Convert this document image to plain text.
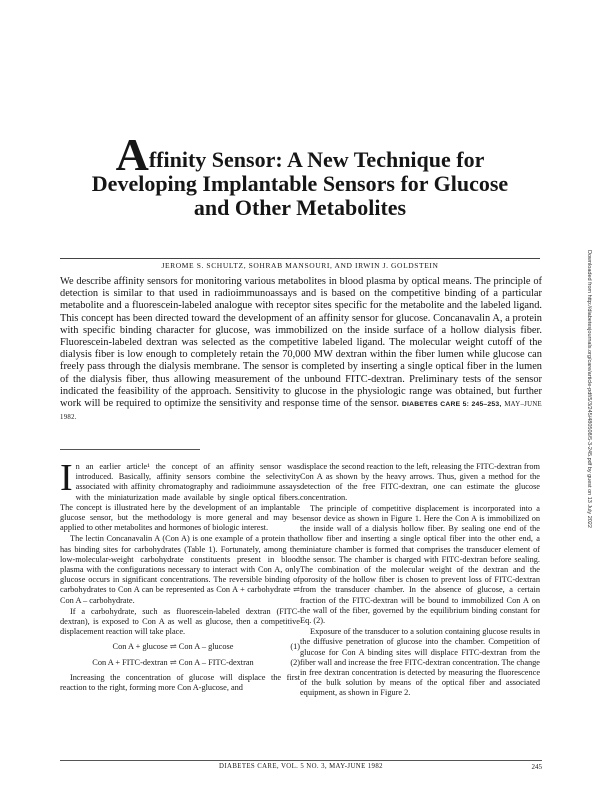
Affinity Sensor: A New Technique for
Developing Implantable Sensors for Glucose
and Other Metabolites
JEROME S. SCHULTZ, SOHRAB MANSOURI, AND IRWIN J. GOLDSTEIN
We describe affinity sensors for monitoring various metabolites in blood plasma by optical means. The principle of detection is similar to that used in radioimmunoassays and is based on the competitive binding of a particular metabolite and a fluorescein-labeled analogue with receptor sites specific for the metabolite and the labeled ligand. This concept has been directed toward the development of an affinity sensor for glucose. Concanavalin A, a protein with specific binding character for glucose, was immobilized on the inside surface of a hollow dialysis fiber. Fluorescein-labeled dextran was selected as the competitive labeled ligand. The molecular weight cutoff of the dialysis fiber is low enough to completely retain the 70,000 MW dextran within the fiber lumen while glucose can freely pass through the dialysis membrane. The sensor is completed by inserting a single optical fiber in the lumen of the dialysis fiber, thus allowing measurement of the unbound FITC-dextran. Preliminary tests of the sensor indicated the feasibility of the approach. Sensitivity to glucose in the physiologic range was obtained, but further work will be required to optimize the sensitivity and response time of the sensor. DIABETES CARE 5: 245–253, MAY–JUNE 1982.

In an earlier article¹ the concept of an affinity sensor was introduced. Basically, affinity sensors combine the selectivity associated with affinity chromatography and radioimmune assays with the miniaturization made available by single optical fibers. The concept is illustrated here by the development of an implantable glucose sensor, but the methodology is more general and may be applied to other metabolites and hormones of biologic interest.

The lectin Concanavalin A (Con A) is one example of a protein that has binding sites for carbohydrates (Table 1). Fortunately, among the low-molecular-weight carbohydrate constituents present in blood plasma with the configurations necessary to interact with Con A, only glucose occurs in significant concentrations. The reversible binding of carbohydrates to Con A can be represented as Con A + carbohydrate ⇌ Con A – carbohydrate.

If a carbohydrate, such as fluorescein-labeled dextran (FITC-dextran), is exposed to Con A as well as glucose, then a competitive displacement reaction will take place.

Con A + glucose ⇌ Con A – glucose	(1)
Con A + FITC-dextran ⇌ Con A – FITC-dextran	(2)

Increasing the concentration of glucose will displace the first reaction to the right, forming more Con A-glucose, and

displace the second reaction to the left, releasing the FITC-dextran from Con A as shown by the heavy arrows. Thus, given a method for the detection of the free FITC-dextran, one can estimate the glucose concentration.

The principle of competitive displacement is incorporated into a sensor device as shown in Figure 1. Here the Con A is immobilized on the inside wall of a dialysis hollow fiber. By sealing one end of the hollow fiber and inserting a single optical fiber into the other end, a miniature chamber is formed that comprises the transducer element of the sensor. The chamber is charged with FITC-dextran before sealing. The combination of the molecular weight of the dextran and the porosity of the hollow fiber is chosen to prevent loss of FITC-dextran from the transducer chamber. In the absence of glucose, a certain fraction of the FITC-dextran will be bound to immobilized Con A on the wall of the fiber, governed by the equilibrium binding constant for Eq. (2).

Exposure of the transducer to a solution containing glucose results in the diffusive penetration of glucose into the chamber. Competition of glucose for Con A binding sites will displace FITC-dextran from the fiber wall and increase the free FITC-dextran concentration. The change in free dextran concentration is detected by measuring the fluorescence of the bulk solution by means of the optical fiber and associated equipment, as shown in Figure 2.

DIABETES CARE, VOL. 5 NO. 3, MAY-JUNE 1982	245
Downloaded from http://diabetesjournals.org/care/article-pdf/5/3/245/480508/5-3-245.pdf by guest on 13 July 2022
